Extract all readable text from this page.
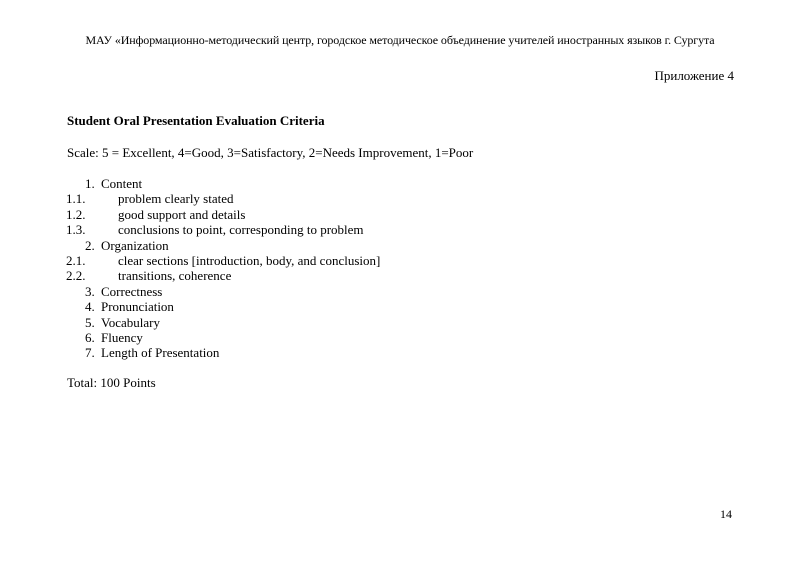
МАУ «Информационно-методический центр, городское методическое объединение учителей иностранных языков г. Сургута
Приложение 4
Student Oral Presentation Evaluation Criteria
Scale: 5 = Excellent, 4=Good, 3=Satisfactory, 2=Needs Improvement, 1=Poor
1. Content
1.1.	problem clearly stated
1.2.	good support and details
1.3.	conclusions to point, corresponding to problem
2. Organization
2.1.	clear sections [introduction, body, and conclusion]
2.2.	transitions, coherence
3. Correctness
4. Pronunciation
5. Vocabulary
6. Fluency
7. Length of Presentation
Total: 100 Points
14
